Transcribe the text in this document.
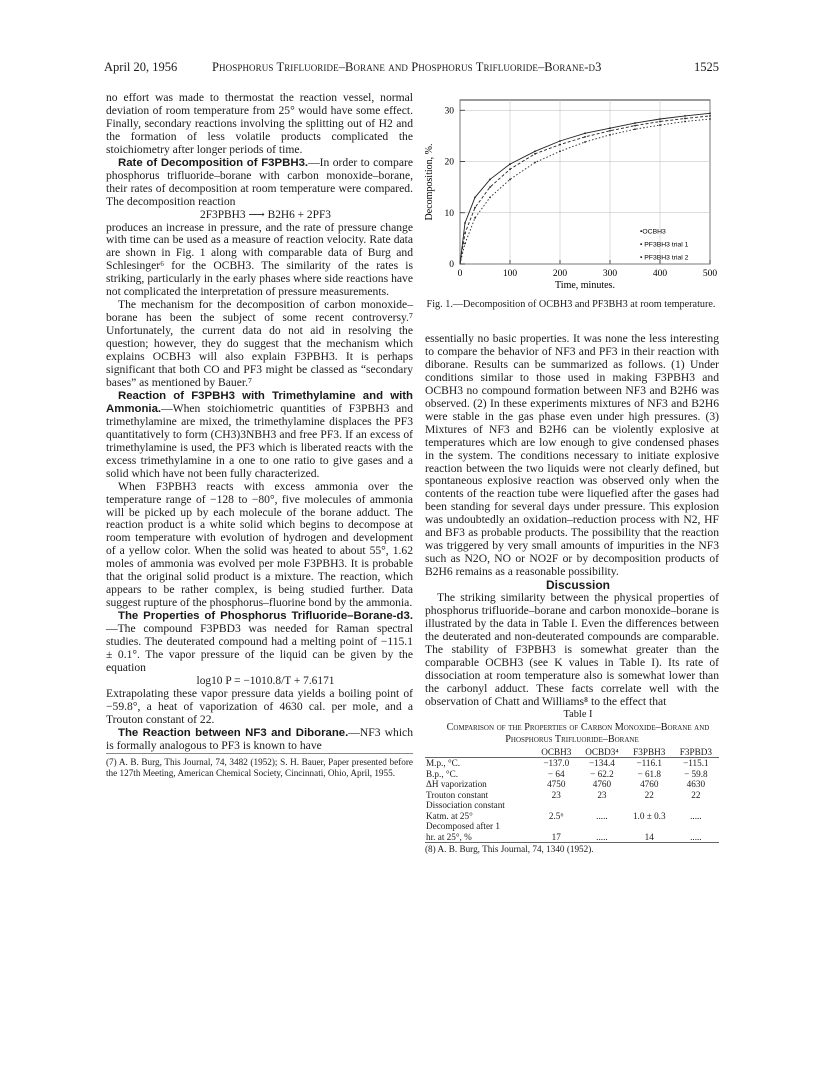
April 20, 1956	Phosphorus Trifluoride–Borane and Phosphorus Trifluoride–Borane-d3	1525

no effort was made to thermostat the reaction vessel, normal deviation of room temperature from 25° would have some effect. Finally, secondary reactions involving the splitting out of H2 and the formation of less volatile products complicated the stoichiometry after longer periods of time.

Rate of Decomposition of F3PBH3.—In order to compare phosphorus trifluoride–borane with carbon monoxide–borane, their rates of decomposition at room temperature were compared. The decomposition reaction

2F3PBH3 ⟶ B2H6 + 2PF3

produces an increase in pressure, and the rate of pressure change with time can be used as a measure of reaction velocity. Rate data are shown in Fig. 1 along with comparable data of Burg and Schlesinger⁶ for the OCBH3. The similarity of the rates is striking, particularly in the early phases where side reactions have not complicated the interpretation of pressure measurements.

The mechanism for the decomposition of carbon monoxide–borane has been the subject of some recent controversy.⁷ Unfortunately, the current data do not aid in resolving the question; however, they do suggest that the mechanism which explains OCBH3 will also explain F3PBH3. It is perhaps significant that both CO and PF3 might be classed as “secondary bases” as mentioned by Bauer.⁷

Reaction of F3PBH3 with Trimethylamine and with Ammonia.—When stoichiometric quantities of F3PBH3 and trimethylamine are mixed, the trimethylamine displaces the PF3 quantitatively to form (CH3)3NBH3 and free PF3. If an excess of trimethylamine is used, the PF3 which is liberated reacts with the excess trimethylamine in a one to one ratio to give gases and a solid which have not been fully characterized.

When F3PBH3 reacts with excess ammonia over the temperature range of −128 to −80°, five molecules of ammonia will be picked up by each molecule of the borane adduct. The reaction product is a white solid which begins to decompose at room temperature with evolution of hydrogen and development of a yellow color. When the solid was heated to about 55°, 1.62 moles of ammonia was evolved per mole F3PBH3. It is probable that the original solid product is a mixture. The reaction, which appears to be rather complex, is being studied further. Data suggest rupture of the phosphorus–fluorine bond by the ammonia.

The Properties of Phosphorus Trifluoride–Borane-d3.—The compound F3PBD3 was needed for Raman spectral studies. The deuterated compound had a melting point of −115.1 ± 0.1°. The vapor pressure of the liquid can be given by the equation

log10 P = −1010.8/T + 7.6171

Extrapolating these vapor pressure data yields a boiling point of −59.8°, a heat of vaporization of 4630 cal. per mole, and a Trouton constant of 22.

The Reaction between NF3 and Diborane.—NF3 which is formally analogous to PF3 is known to have

(7) A. B. Burg, This Journal, 74, 3482 (1952); S. H. Bauer, Paper presented before the 127th Meeting, American Chemical Society, Cincinnati, Ohio, April, 1955.

0	100	200	300	400	500
0
10
20
30
Time, minutes.
Decomposition, %.
•OCBH3
• PF3BH3 trial 1
• PF3BH3 trial 2
Fig. 1.—Decomposition of OCBH3 and PF3BH3 at room temperature.

essentially no basic properties. It was none the less interesting to compare the behavior of NF3 and PF3 in their reaction with diborane. Results can be summarized as follows. (1) Under conditions similar to those used in making F3PBH3 and OCBH3 no compound formation between NF3 and B2H6 was observed. (2) In these experiments mixtures of NF3 and B2H6 were stable in the gas phase even under high pressures. (3) Mixtures of NF3 and B2H6 can be violently explosive at temperatures which are low enough to give condensed phases in the system. The conditions necessary to initiate explosive reaction between the two liquids were not clearly defined, but spontaneous explosive reaction was observed only when the contents of the reaction tube were liquefied after the gases had been standing for several days under pressure. This explosion was undoubtedly an oxidation–reduction process with N2, HF and BF3 as probable products. The possibility that the reaction was triggered by very small amounts of impurities in the NF3 such as N2O, NO or NO2F or by decomposition products of B2H6 remains as a reasonable possibility.

Discussion

The striking similarity between the physical properties of phosphorus trifluoride–borane and carbon monoxide–borane is illustrated by the data in Table I. Even the differences between the deuterated and non-deuterated compounds are comparable. The stability of F3PBH3 is somewhat greater than the comparable OCBH3 (see K values in Table I). Its rate of dissociation at room temperature also is somewhat lower than the carbonyl adduct. These facts correlate well with the observation of Chatt and Williams⁸ to the effect that

Table I

Comparison of the Properties of Carbon Monoxide–Borane and Phosphorus Trifluoride–Borane

	OCBH3	OCBD3⁴	F3PBH3	F3PBD3
M.p., °C.	−137.0	−134.4	−116.1	−115.1
B.p., °C.	− 64	− 62.2	− 61.8	− 59.8
ΔH vaporization	4750	4760	4760	4630
Trouton constant	23	23	22	22
Dissociation constant				
Katm. at 25°	2.5⁶	.....	1.0 ± 0.3	.....
Decomposed after 1				
hr. at 25°, %	17	.....	14	.....

(8) A. B. Burg, This Journal, 74, 1340 (1952).
